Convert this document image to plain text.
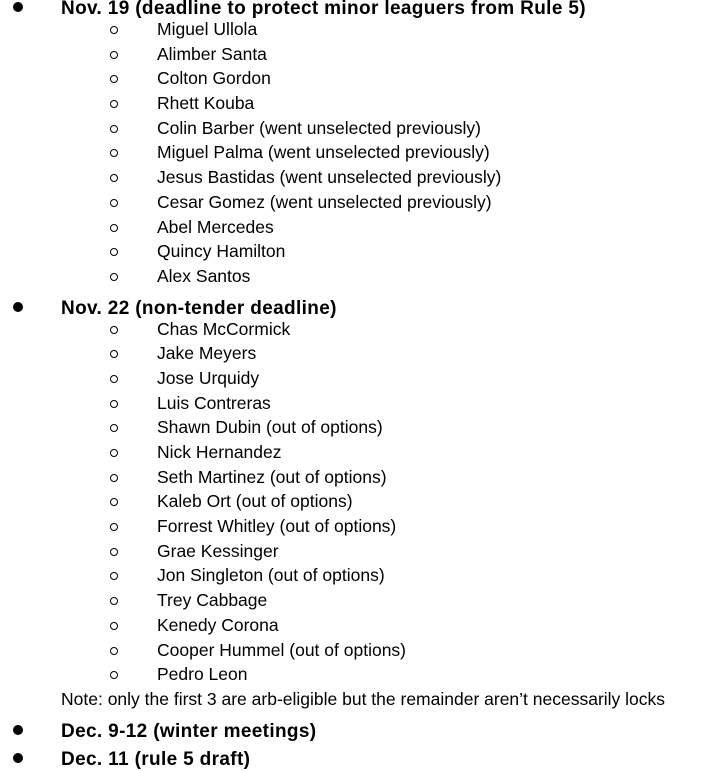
Nov. 19 (deadline to protect minor leaguers from Rule 5)
Miguel Ullola
Alimber Santa
Colton Gordon
Rhett Kouba
Colin Barber (went unselected previously)
Miguel Palma (went unselected previously)
Jesus Bastidas (went unselected previously)
Cesar Gomez (went unselected previously)
Abel Mercedes
Quincy Hamilton
Alex Santos
Nov. 22 (non-tender deadline)
Chas McCormick
Jake Meyers
Jose Urquidy
Luis Contreras
Shawn Dubin (out of options)
Nick Hernandez
Seth Martinez (out of options)
Kaleb Ort (out of options)
Forrest Whitley (out of options)
Grae Kessinger
Jon Singleton (out of options)
Trey Cabbage
Kenedy Corona
Cooper Hummel (out of options)
Pedro Leon
Note: only the first 3 are arb-eligible but the remainder aren’t necessarily locks
Dec. 9-12 (winter meetings)
Dec. 11 (rule 5 draft)
